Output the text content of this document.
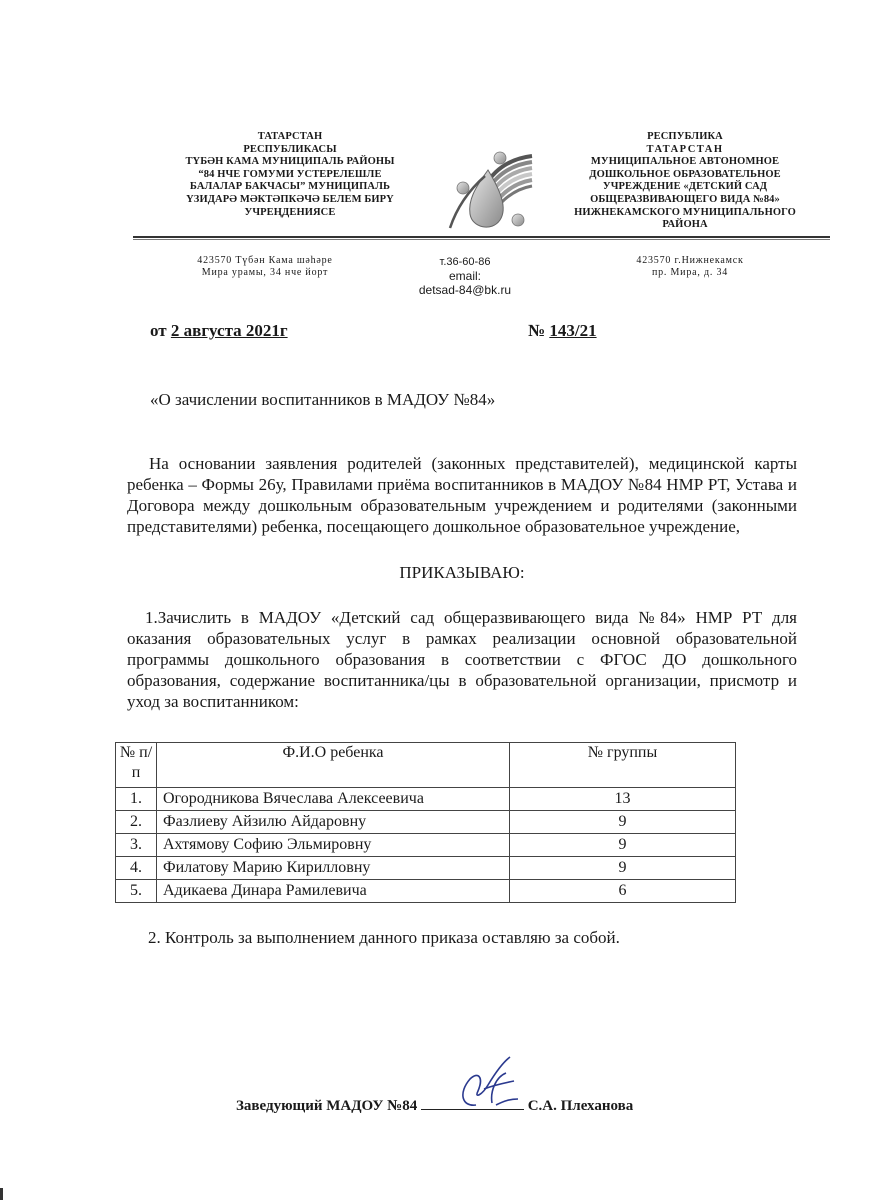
ТАТАРСТАН
РЕСПУБЛИКАСЫ
ТҮБӘН КАМА МУНИЦИПАЛЬ РАЙОНЫ
“84 НЧЕ ГОМУМИ УСТЕРЕЛЕШЛЕ
БАЛАЛАР БАКЧАСЫ” МУНИЦИПАЛЬ
ҮЗИДАРӘ МӘКТӘПКӘЧӘ БЕЛЕМ БИРҮ
УЧРЕҢДЕНИЯСЕ
РЕСПУБЛИКА
ТАТАРСТАН
МУНИЦИПАЛЬНОЕ АВТОНОМНОЕ
ДОШКОЛЬНОЕ ОБРАЗОВАТЕЛЬНОЕ
УЧРЕЖДЕНИЕ «ДЕТСКИЙ САД
ОБЩЕРАЗВИВАЮЩЕГО ВИДА №84»
НИЖНЕКАМСКОГО МУНИЦИПАЛЬНОГО
РАЙОНА
423570 Түбән Кама шәһәре
Мира урамы, 34 нче йорт
т.36-60-86
email:
detsad-84@bk.ru
423570 г.Нижнекамск
пр. Мира, д. 34
от 2 августа 2021г	№ 143/21
«О зачислении воспитанников в МАДОУ №84»
На основании заявления родителей (законных представителей), медицинской карты ребенка – Формы 26у, Правилами приёма воспитанников в МАДОУ №84 НМР РТ, Устава и Договора между дошкольным образовательным учреждением и родителями (законными представителями) ребенка, посещающего дошкольное образовательное учреждение,
ПРИКАЗЫВАЮ:
1.Зачислить в МАДОУ «Детский сад общеразвивающего вида №84» НМР РТ для оказания образовательных услуг в рамках реализации основной образовательной программы дошкольного образования в соответствии с ФГОС ДО дошкольного образования, содержание воспитанника/цы в образовательной организации, присмотр и уход за воспитанником:
№ п/п	Ф.И.О ребенка	№ группы
1.	Огородникова Вячеслава Алексеевича	13
2.	Фазлиеву Айзилю Айдаровну	9
3.	Ахтямову Софию Эльмировну	9
4.	Филатову Марию Кирилловну	9
5.	Адикаева Динара Рамилевича	6
2. Контроль за выполнением данного приказа оставляю за собой.
Заведующий МАДОУ №84	С.А. Плеханова
